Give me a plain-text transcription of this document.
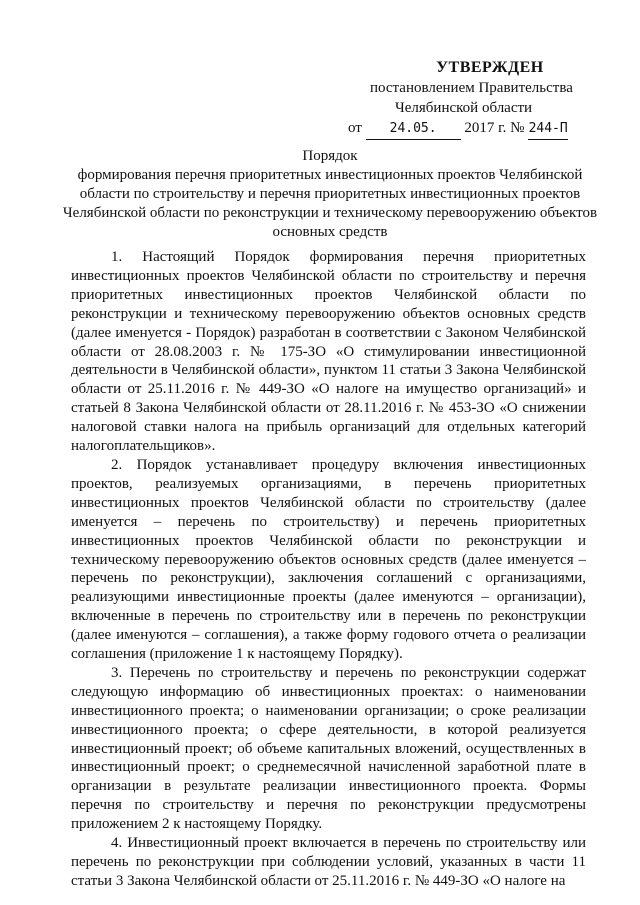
УТВЕРЖДЕН
постановлением Правительства
Челябинской области
от 24.05. 2017 г. № 244-П
Порядок
формирования перечня приоритетных инвестиционных проектов Челябинской области по строительству и перечня приоритетных инвестиционных проектов Челябинской области по реконструкции и техническому перевооружению объектов основных средств

1. Настоящий Порядок формирования перечня приоритетных инвестиционных проектов Челябинской области по строительству и перечня приоритетных инвестиционных проектов Челябинской области по реконструкции и техническому перевооружению объектов основных средств (далее именуется - Порядок) разработан в соответствии с Законом Челябинской области от 28.08.2003 г. № 175-ЗО «О стимулировании инвестиционной деятельности в Челябинской области», пунктом 11 статьи 3 Закона Челябинской области от 25.11.2016 г. № 449-ЗО «О налоге на имущество организаций» и статьей 8 Закона Челябинской области от 28.11.2016 г. № 453-ЗО «О снижении налоговой ставки налога на прибыль организаций для отдельных категорий налогоплательщиков».

2. Порядок устанавливает процедуру включения инвестиционных проектов, реализуемых организациями, в перечень приоритетных инвестиционных проектов Челябинской области по строительству (далее именуется – перечень по строительству) и перечень приоритетных инвестиционных проектов Челябинской области по реконструкции и техническому перевооружению объектов основных средств (далее именуется – перечень по реконструкции), заключения соглашений с организациями, реализующими инвестиционные проекты (далее именуются – организации), включенные в перечень по строительству или в перечень по реконструкции (далее именуются – соглашения), а также форму годового отчета о реализации соглашения (приложение 1 к настоящему Порядку).

3. Перечень по строительству и перечень по реконструкции содержат следующую информацию об инвестиционных проектах: о наименовании инвестиционного проекта; о наименовании организации; о сроке реализации инвестиционного проекта; о сфере деятельности, в которой реализуется инвестиционный проект; об объеме капитальных вложений, осуществленных в инвестиционный проект; о среднемесячной начисленной заработной плате в организации в результате реализации инвестиционного проекта. Формы перечня по строительству и перечня по реконструкции предусмотрены приложением 2 к настоящему Порядку.

4. Инвестиционный проект включается в перечень по строительству или перечень по реконструкции при соблюдении условий, указанных в части 11 статьи 3 Закона Челябинской области от 25.11.2016 г. № 449-ЗО «О налоге на
